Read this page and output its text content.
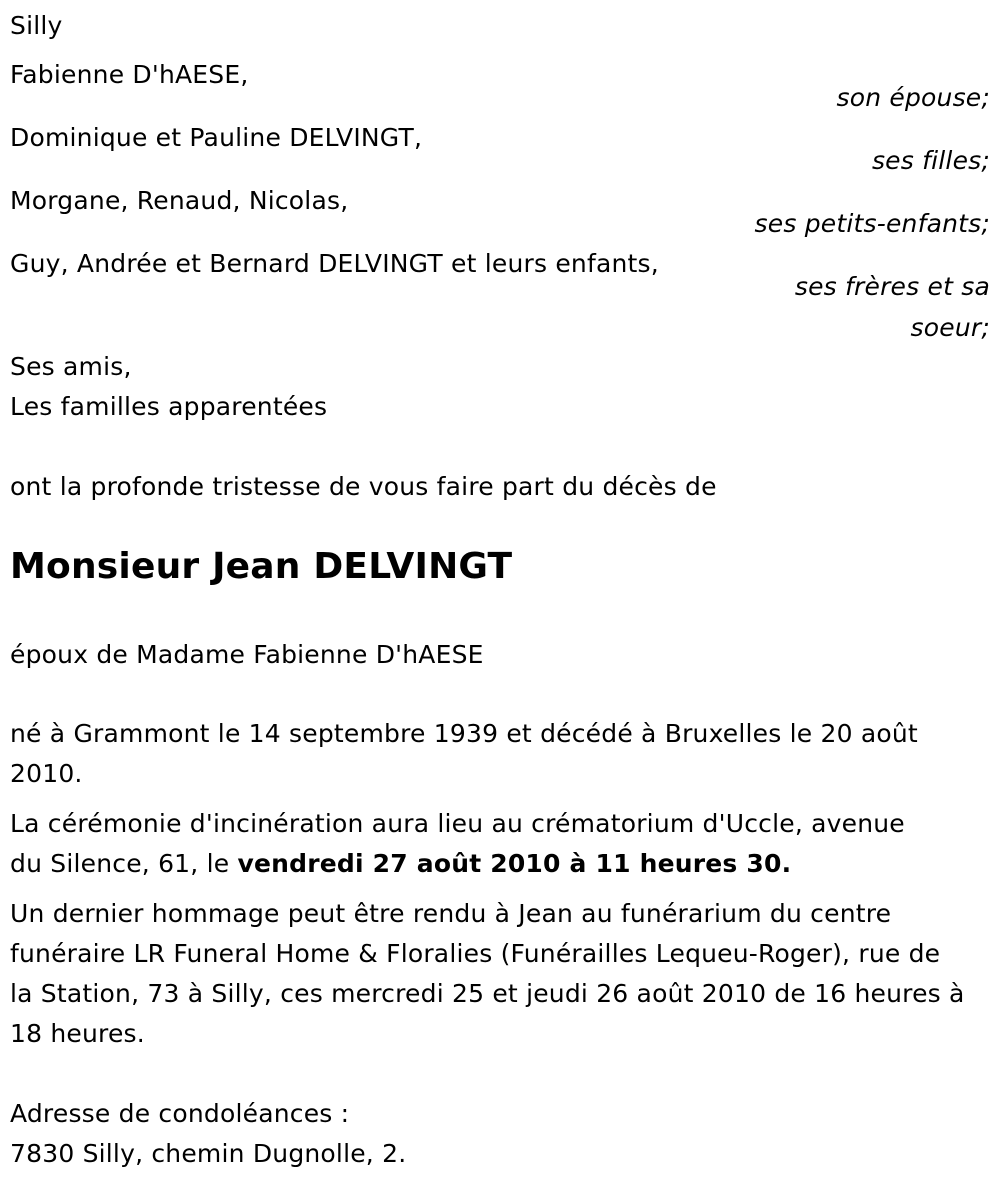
Silly
Fabienne D'hAESE,
son épouse;
Dominique et Pauline DELVINGT,
ses filles;
Morgane, Renaud, Nicolas,
ses petits-enfants;
Guy, Andrée et Bernard DELVINGT et leurs enfants,
ses frères et sa
soeur;
Ses amis,
Les familles apparentées
ont la profonde tristesse de vous faire part du décès de
Monsieur Jean DELVINGT
époux de Madame Fabienne D'hAESE
né à Grammont le 14 septembre 1939 et décédé à Bruxelles le 20 août
2010.
La cérémonie d'incinération aura lieu au crématorium d'Uccle, avenue
du Silence, 61, le vendredi 27 août 2010 à 11 heures 30.
Un dernier hommage peut être rendu à Jean au funérarium du centre
funéraire LR Funeral Home & Floralies (Funérailles Lequeu-Roger), rue de
la Station, 73 à Silly, ces mercredi 25 et jeudi 26 août 2010 de 16 heures à
18 heures.
Adresse de condoléances :
7830 Silly, chemin Dugnolle, 2.
